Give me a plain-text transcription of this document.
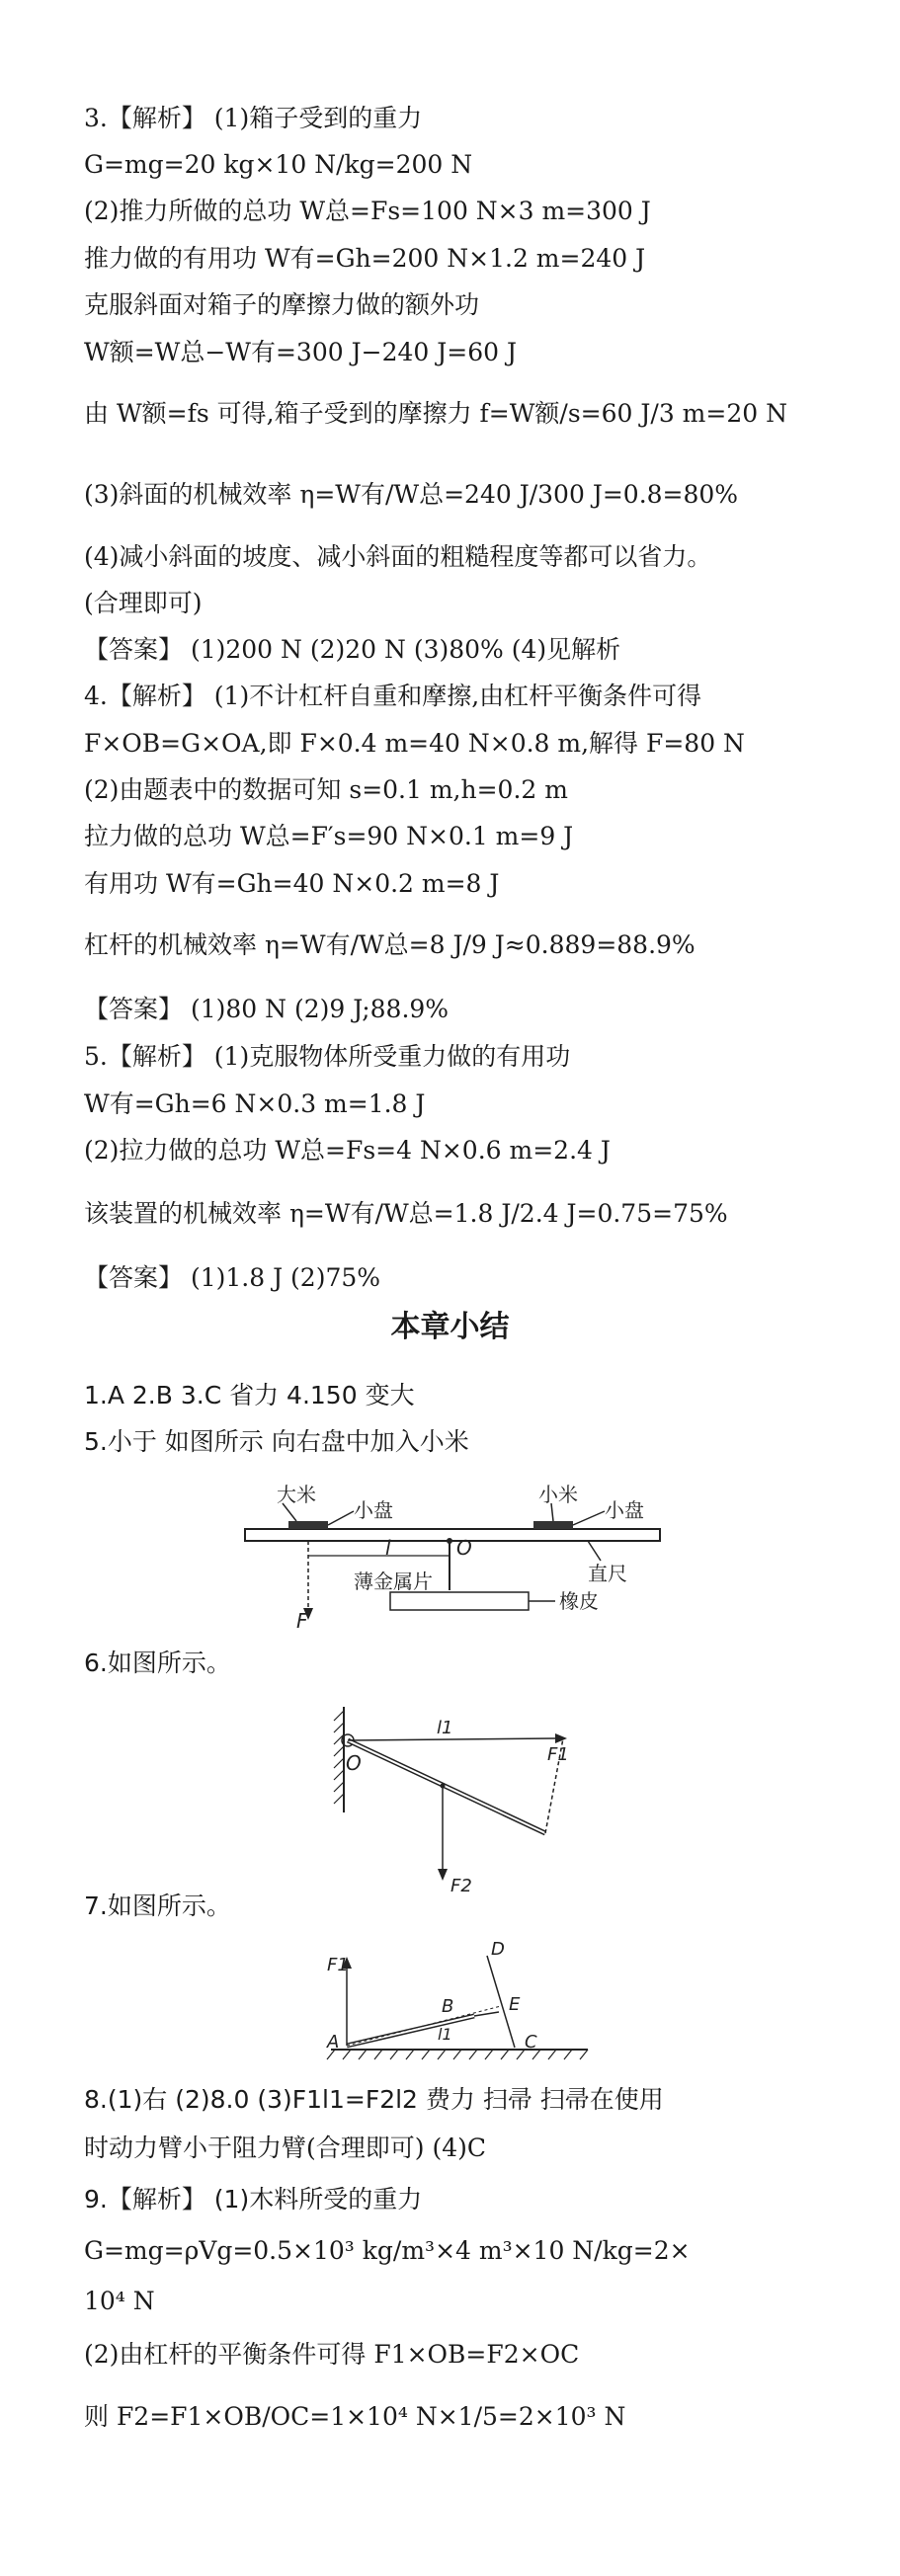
3.【解析】 (1)箱子受到的重力
G=mg=20 kg×10 N/kg=200 N
(2)推力所做的总功 W总=Fs=100 N×3 m=300 J
推力做的有用功 W有=Gh=200 N×1.2 m=240 J
克服斜面对箱子的摩擦力做的额外功
W额=W总−W有=300 J−240 J=60 J
由 W额=fs 可得,箱子受到的摩擦力 f=W额/s=60 J/3 m=20 N
(3)斜面的机械效率 η=W有/W总=240 J/300 J=0.8=80%
(4)减小斜面的坡度、减小斜面的粗糙程度等都可以省力。
(合理即可)
【答案】 (1)200 N (2)20 N (3)80% (4)见解析
4.【解析】 (1)不计杠杆自重和摩擦,由杠杆平衡条件可得
F×OB=G×OA,即 F×0.4 m=40 N×0.8 m,解得 F=80 N
(2)由题表中的数据可知 s=0.1 m,h=0.2 m
拉力做的总功 W总=F′s=90 N×0.1 m=9 J
有用功 W有=Gh=40 N×0.2 m=8 J
杠杆的机械效率 η=W有/W总=8 J/9 J≈0.889=88.9%
【答案】 (1)80 N (2)9 J;88.9%
5.【解析】 (1)克服物体所受重力做的有用功
W有=Gh=6 N×0.3 m=1.8 J
(2)拉力做的总功 W总=Fs=4 N×0.6 m=2.4 J
该装置的机械效率 η=W有/W总=1.8 J/2.4 J=0.75=75%
【答案】 (1)1.8 J (2)75%
本章小结
1.A 2.B 3.C 省力 4.150 变大
5.小于 如图所示 向右盘中加入小米
大米
小盘
小米
小盘
l	O
薄金属片	直尺
F
橡皮
6.如图所示。
l1
F1
O
F2
7.如图所示。
F1
D
B	E
l1
A	C
8.(1)右 (2)8.0 (3)F1l1=F2l2 费力 扫帚 扫帚在使用
时动力臂小于阻力臂(合理即可) (4)C
9.【解析】 (1)木料所受的重力
G=mg=ρVg=0.5×10³ kg/m³×4 m³×10 N/kg=2×
10⁴ N
(2)由杠杆的平衡条件可得 F1×OB=F2×OC
则 F2=F1×OB/OC=1×10⁴ N×1/5=2×10³ N
